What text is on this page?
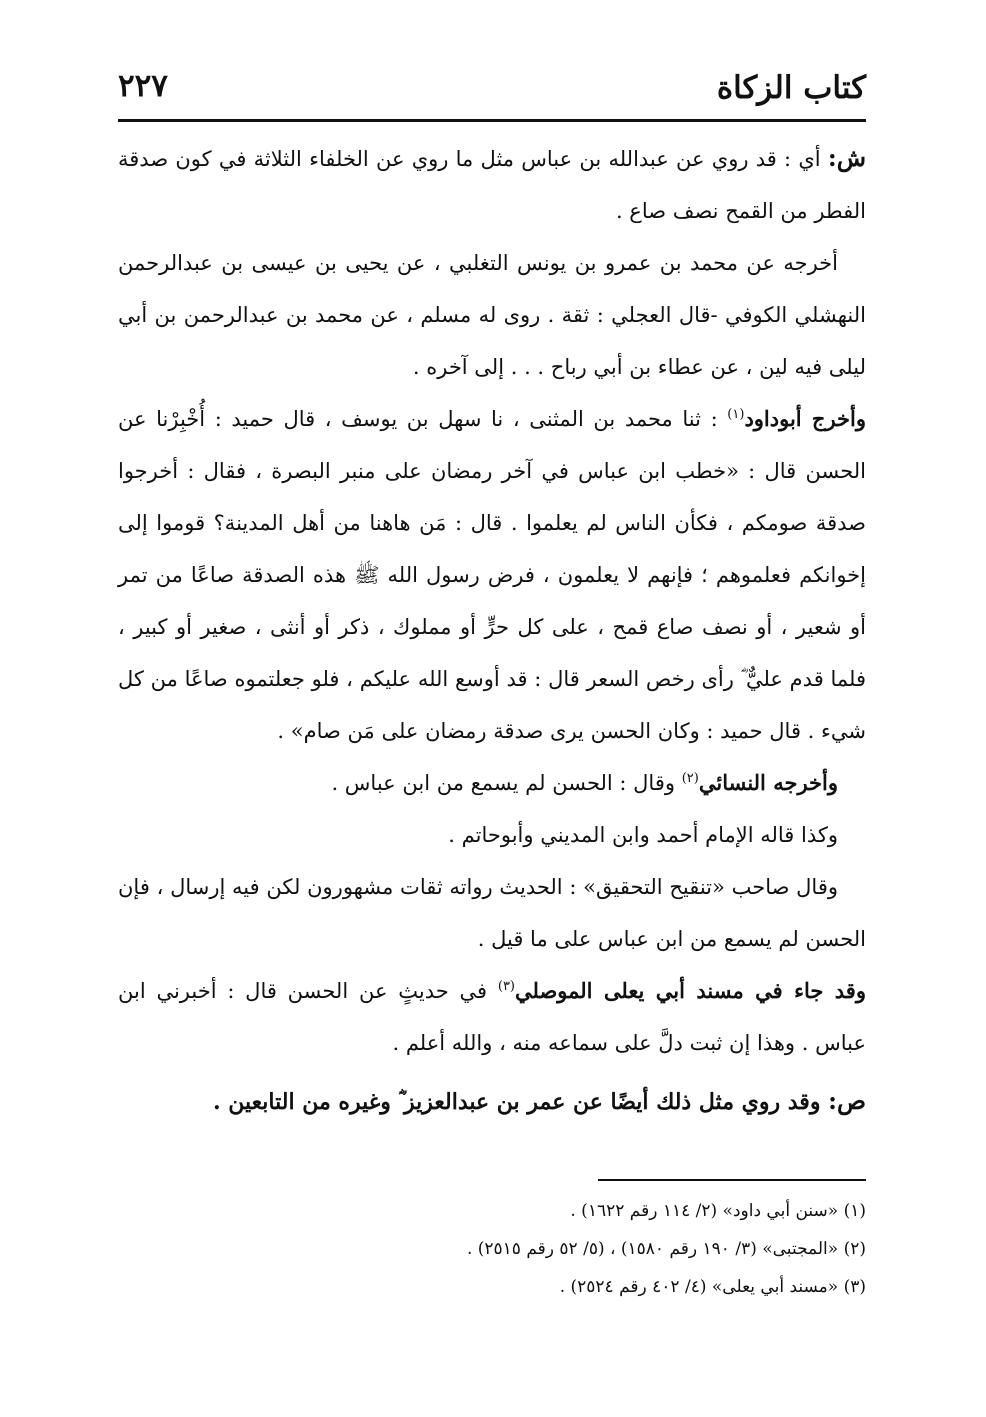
كتاب الزكاة
٢٢٧

ش: أي : قد روي عن عبدالله بن عباس مثل ما روي عن الخلفاء الثلاثة في كون صدقة الفطر من القمح نصف صاع .

أخرجه عن محمد بن عمرو بن يونس التغلبي ، عن يحيى بن عيسى بن عبدالرحمن النهشلي الكوفي -قال العجلي : ثقة . روى له مسلم ، عن محمد بن عبدالرحمن بن أبي ليلى فيه لين ، عن عطاء بن أبي رباح . . . إلى آخره .

وأخرج أبوداود$^{(١)}$ : ثنا محمد بن المثنى ، نا سهل بن يوسف ، قال حميد : أُخْبِرْنا عن الحسن قال : «خطب ابن عباس في آخر رمضان على منبر البصرة ، فقال : أخرجوا صدقة صومكم ، فكأن الناس لم يعلموا . قال : مَن هاهنا من أهل المدينة؟ قوموا إلى إخوانكم فعلموهم ؛ فإنهم لا يعلمون ، فرض رسول الله ﷺ هذه الصدقة صاعًا من تمر أو شعير ، أو نصف صاع قمح ، على كل حرٍّ أو مملوك ، ذكر أو أنثى ، صغير أو كبير ، فلما قدم عليٌّ ؓ رأى رخص السعر قال : قد أوسع الله عليكم ، فلو جعلتموه صاعًا من كل شيء . قال حميد : وكان الحسن يرى صدقة رمضان على مَن صام» .

وأخرجه النسائي$^{(٢)}$ وقال : الحسن لم يسمع من ابن عباس .

وكذا قاله الإمام أحمد وابن المديني وأبوحاتم .

وقال صاحب «تنقيح التحقيق» : الحديث رواته ثقات مشهورون لكن فيه إرسال ، فإن الحسن لم يسمع من ابن عباس على ما قيل .

وقد جاء في مسند أبي يعلى الموصلي$^{(٣)}$ في حديثٍ عن الحسن قال : أخبرني ابن عباس . وهذا إن ثبت دلَّ على سماعه منه ، والله أعلم .

ص: وقد روي مثل ذلك أيضًا عن عمر بن عبدالعزيز ؓ وغيره من التابعين .

(١) «سنن أبي داود» (٢/ ١١٤ رقم ١٦٢٢) .
(٢) «المجتبى» (٣/ ١٩٠ رقم ١٥٨٠) ، (٥/ ٥٢ رقم ٢٥١٥) .
(٣) «مسند أبي يعلى» (٤/ ٤٠٢ رقم ٢٥٢٤) .
